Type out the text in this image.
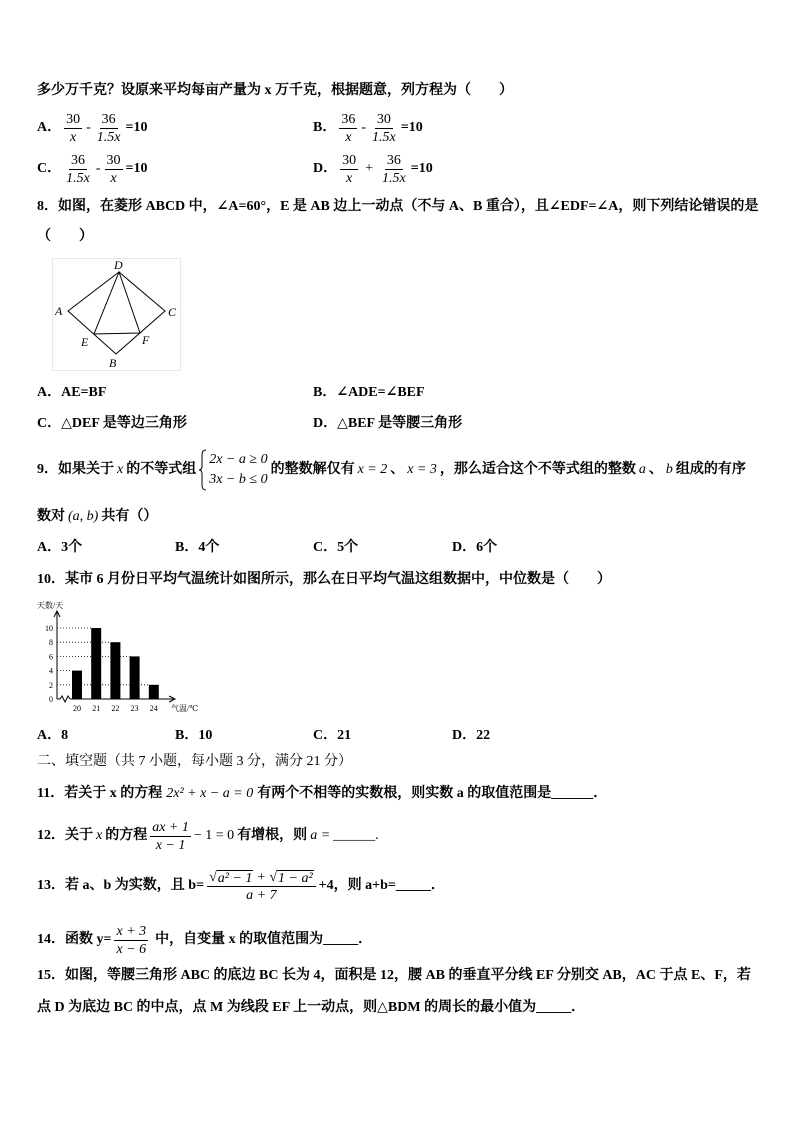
多少万千克？设原来平均每亩产量为 x 万千克，根据题意，列方程为（　　）
A． $\frac{30}{x} - \frac{36}{1.5x} =10$	B． $\frac{36}{x} - \frac{30}{1.5x} =10$
C． $\frac{36}{1.5x} - \frac{30}{x} =10$	D． $\frac{30}{x} + \frac{36}{1.5x} =10$
8．如图，在菱形 ABCD 中，∠A=60°，E 是 AB 边上一动点（不与 A、B 重合），且∠EDF=∠A，则下列结论错误的是
（　　）
D
A	C
E	F
B
A．AE=BF	B．∠ADE=∠BEF
C．△DEF 是等边三角形	D．△BEF 是等腰三角形
9．如果关于 x 的不等式组
2x − a ≥ 0
3x − b ≤ 0
的整数解仅有 x = 2 、 x = 3 ，那么适合这个不等式组的整数 a 、 b 组成的有序
数对 (a, b) 共有（）
A．3个	B．4个	C．5个	D．6个
10．某市 6 月份日平均气温统计如图所示，那么在日平均气温这组数据中，中位数是（　　）
0
2
4
6
8
10
20 21 22 23 24
天数/天
气温/℃
A．8	B．10	C．21	D．22
二、填空题（共 7 小题，每小题 3 分，满分 21 分）
11．若关于 x 的方程 2x² + x − a = 0 有两个不相等的实数根，则实数 a 的取值范围是______．
12．关于 x 的方程 $\frac{ax + 1}{x - 1} - 1 = 0$ 有增根，则 a = ______.
13．若 a、b 为实数，且 $b= \frac{\text{√ a² − 1 + √ 1 − a²}}{a + 7} +4$，则 a+b=_____．
14．函数 $y= \frac{x + 3}{x - 6}$ 中，自变量 x 的取值范围为_____．
15．如图，等腰三角形 ABC 的底边 BC 长为 4，面积是 12，腰 AB 的垂直平分线 EF 分别交 AB，AC 于点 E、F，若
点 D 为底边 BC 的中点，点 M 为线段 EF 上一动点，则△BDM 的周长的最小值为_____．
